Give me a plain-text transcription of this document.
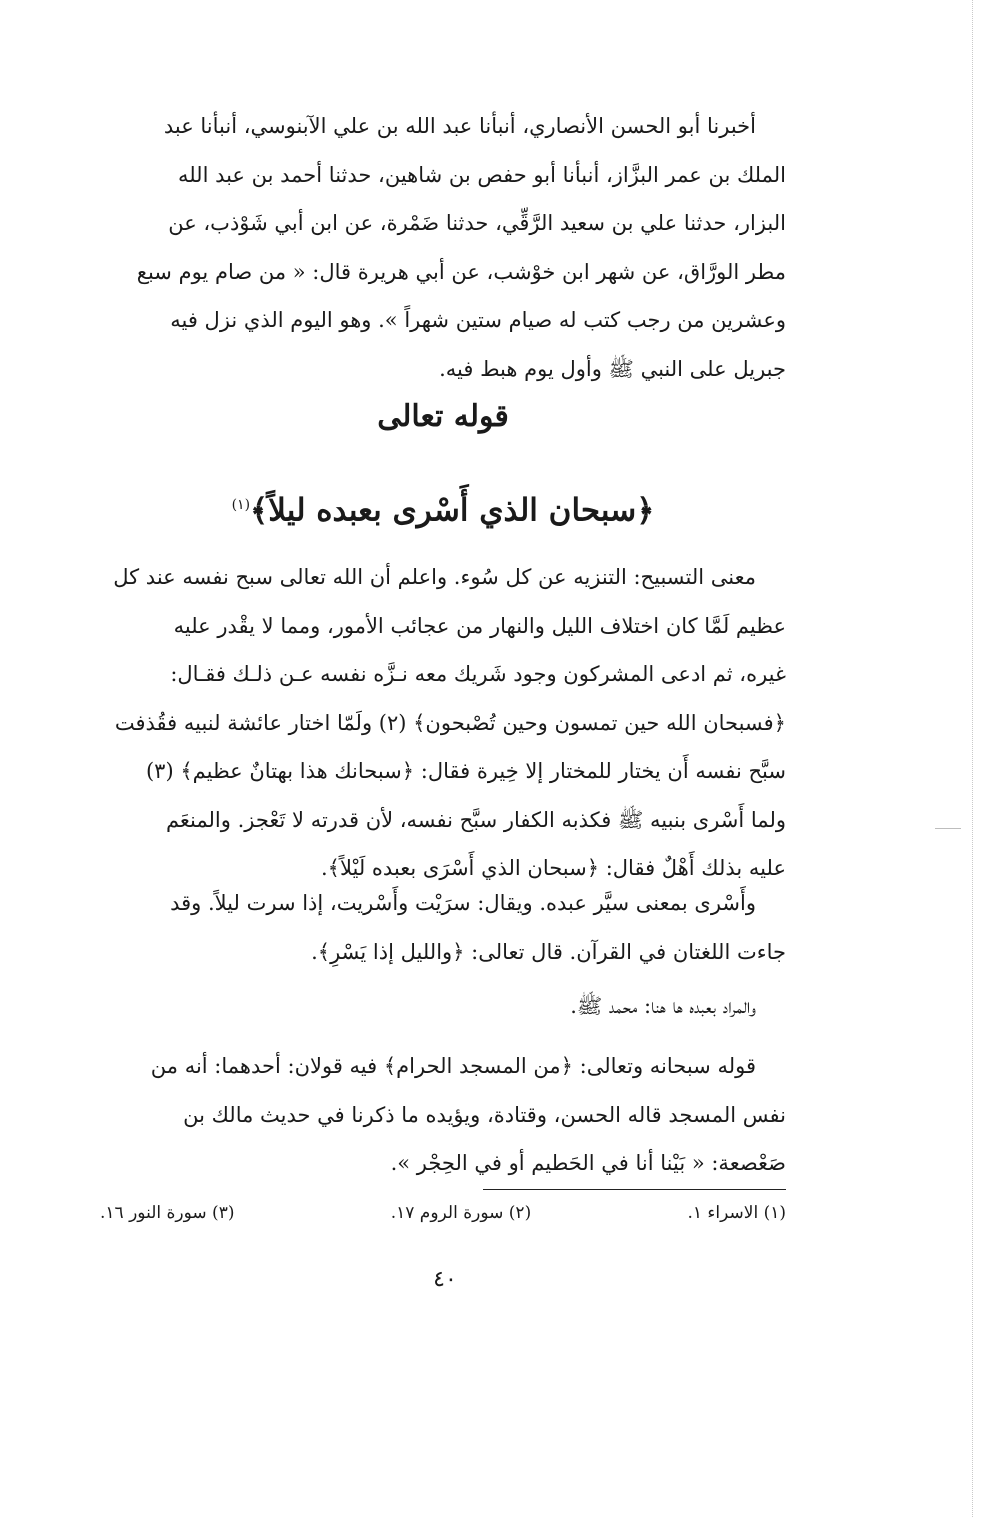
أخبرنا أبو الحسن الأنصاري، أنبأنا عبد الله بن علي الآبنوسي، أنبأنا عبد

الملك بن عمر البزَّاز، أنبأنا أبو حفص بن شاهين، حدثنا أحمد بن عبد الله

البزار، حدثنا علي بن سعيد الرَّقِّي، حدثنا ضَمْرة، عن ابن أبي شَوْذب، عن

مطر الورَّاق، عن شهر ابن خوْشب، عن أبي هريرة قال: « من صام يوم سبع

وعشرين من رجب كتب له صيام ستين شهراً ». وهو اليوم الذي نزل فيه

جبريل على النبي ﷺ وأول يوم هبط فيه.

قوله تعالى
﴿سبحان الذي أَسْرى بعبده ليلاً﴾$^{(١)}$

معنى التسبيح: التنزيه عن كل سُوء. واعلم أن الله تعالى سبح نفسه عند كل

عظيم لَمَّا كان اختلاف الليل والنهار من عجائب الأمور، ومما لا يقْدر عليه

غيره، ثم ادعى المشركون وجود شَريك معه نـزَّه نفسه عـن ذلـك فقـال:

﴿فسبحان الله حين تمسون وحين تُصْبحون﴾ (٢) ولَمّا اختار عائشة لنبيه فقُذفت

سبَّح نفسه أَن يختار للمختار إلا خِيرة فقال: ﴿سبحانك هذا بهتانٌ عظيم﴾ (٣)

ولما أَسْرى بنبيه ﷺ فكذبه الكفار سبَّح نفسه، لأن قدرته لا تَعْجز. والمنعَم

عليه بذلك أَهْلٌ فقال: ﴿سبحان الذي أَسْرَى بعبده لَيْلاً﴾.

وأَسْرى بمعنى سيَّر عبده. ويقال: سرَيْت وأَسْريت، إذا سرت ليلاً. وقد

جاءت اللغتان في القرآن. قال تعالى: ﴿والليل إذا يَسْرِ﴾.

والمراد بعبده ها هنا: محمد ﷺ.

قوله سبحانه وتعالى: ﴿من المسجد الحرام﴾ فيه قولان: أحدهما: أنه من

نفس المسجد قاله الحسن، وقتادة، ويؤيده ما ذكرنا في حديث مالك بن

صَعْصعة: « بَيْنا أنا في الحَطيم أو في الحِجْر ».

(١) الاسراء ١.
(٢) سورة الروم ١٧.
(٣) سورة النور ١٦.
٤٠
